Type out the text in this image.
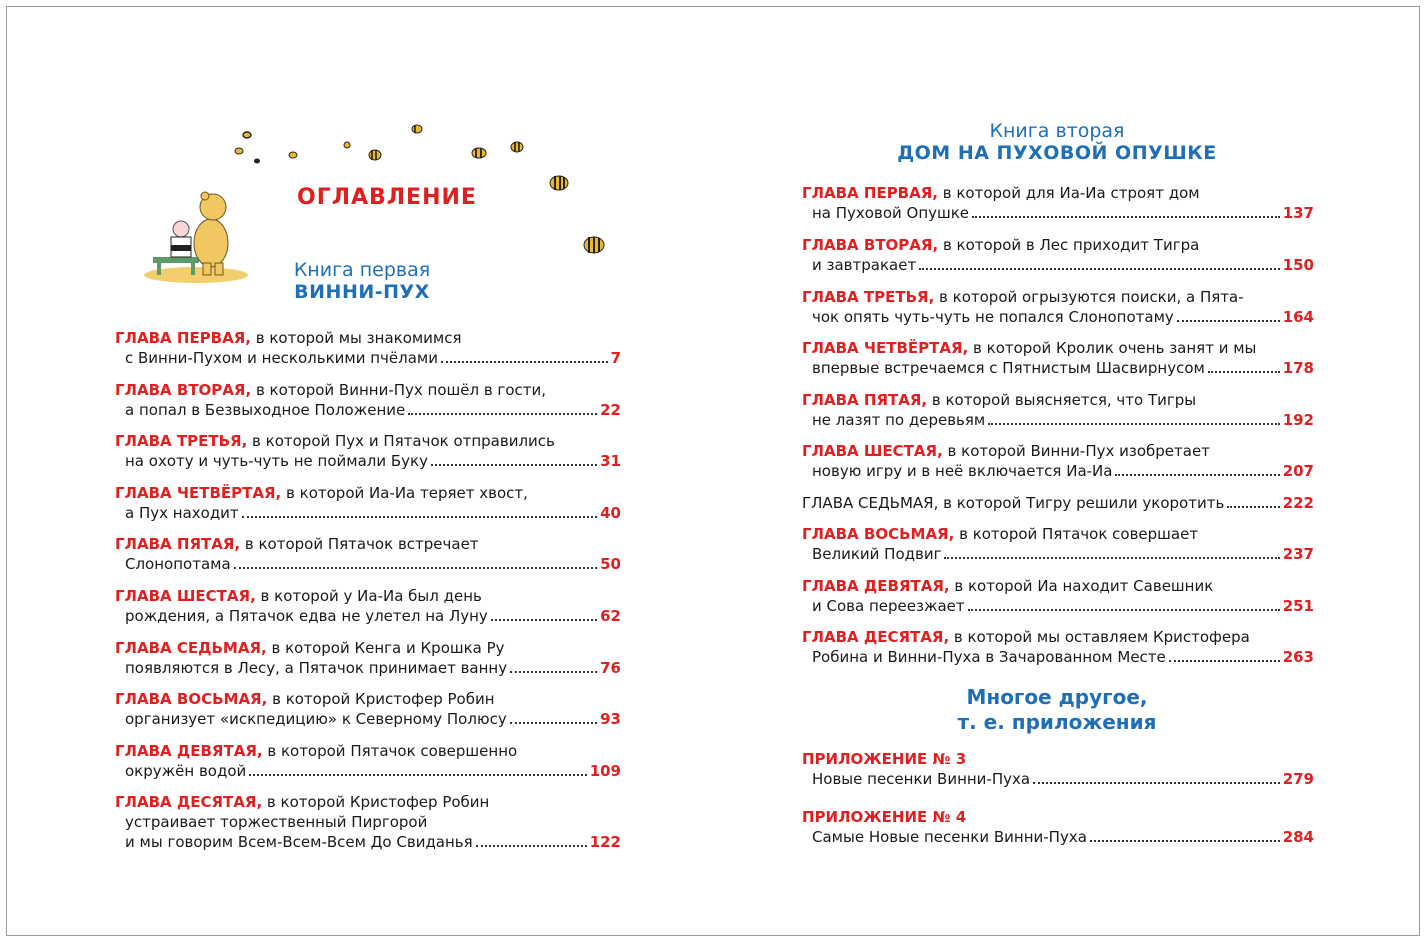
ОГЛАВЛЕНИЕ
Книга первая
ВИННИ-ПУХ
ГЛАВА ПЕРВАЯ, в которой мы знакомимся
с Винни-Пухом и несколькими пчёлами	7
ГЛАВА ВТОРАЯ, в которой Винни-Пух пошёл в гости,
а попал в Безвыходное Положение	22
ГЛАВА ТРЕТЬЯ, в которой Пух и Пятачок отправились
на охоту и чуть-чуть не поймали Буку	31
ГЛАВА ЧЕТВЁРТАЯ, в которой Иа-Иа теряет хвост,
а Пух находит	40
ГЛАВА ПЯТАЯ, в которой Пятачок встречает
Слонопотама	50
ГЛАВА ШЕСТАЯ, в которой у Иа-Иа был день
рождения, а Пятачок едва не улетел на Луну	62
ГЛАВА СЕДЬМАЯ, в которой Кенга и Крошка Ру
появляются в Лесу, а Пятачок принимает ванну	76
ГЛАВА ВОСЬМАЯ, в которой Кристофер Робин
организует «искпедицию» к Северному Полюсу	93
ГЛАВА ДЕВЯТАЯ, в которой Пятачок совершенно
окружён водой	109
ГЛАВА ДЕСЯТАЯ, в которой Кристофер Робин
устраивает торжественный Пиргорой
и мы говорим Всем-Всем-Всем До Свиданья	122
Книга вторая
ДОМ НА ПУХОВОЙ ОПУШКЕ
ГЛАВА ПЕРВАЯ, в которой для Иа-Иа строят дом
на Пуховой Опушке	137
ГЛАВА ВТОРАЯ, в которой в Лес приходит Тигра
и завтракает	150
ГЛАВА ТРЕТЬЯ, в которой огрызуются поиски, а Пята-
чок опять чуть-чуть не попался Слонопотаму	164
ГЛАВА ЧЕТВЁРТАЯ, в которой Кролик очень занят и мы
впервые встречаемся с Пятнистым Шасвирнусом	178
ГЛАВА ПЯТАЯ, в которой выясняется, что Тигры
не лазят по деревьям	192
ГЛАВА ШЕСТАЯ, в которой Винни-Пух изобретает
новую игру и в неё включается Иа-Иа	207
ГЛАВА СЕДЬМАЯ, в которой Тигру решили укоротить	222
ГЛАВА ВОСЬМАЯ, в которой Пятачок совершает
Великий Подвиг	237
ГЛАВА ДЕВЯТАЯ, в которой Иа находит Савешник
и Сова переезжает	251
ГЛАВА ДЕСЯТАЯ, в которой мы оставляем Кристофера
Робина и Винни-Пуха в Зачарованном Месте	263
Многое другое,
т. е. приложения
ПРИЛОЖЕНИЕ № 3
Новые песенки Винни-Пуха	279
ПРИЛОЖЕНИЕ № 4
Самые Новые песенки Винни-Пуха	284
